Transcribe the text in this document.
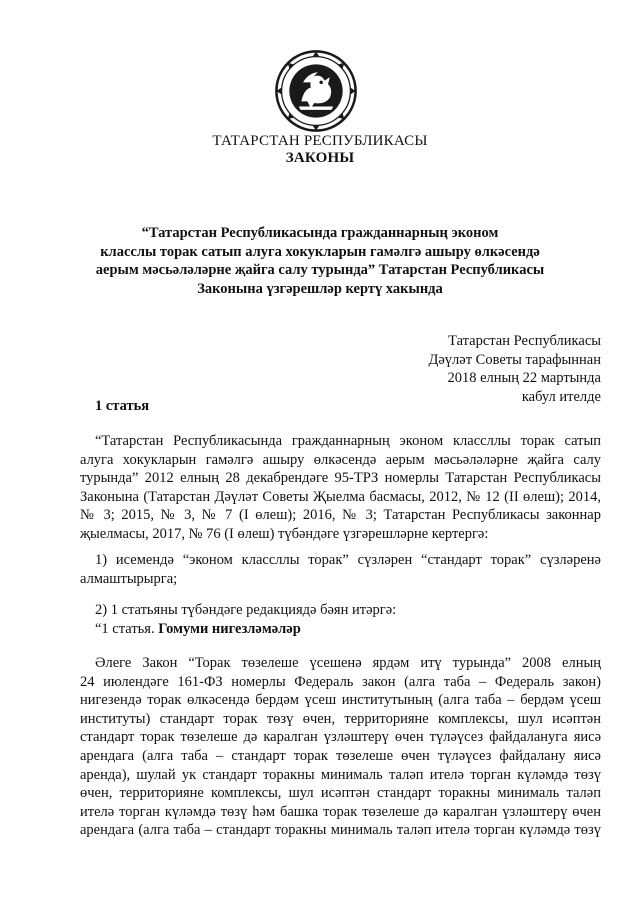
ТАТАРСТАН РЕСПУБЛИКАСЫ
ЗАКОНЫ
“Татарстан Республикасында гражданнарның эконом
класслы торак сатып алуга хокукларын гамәлгә ашыру өлкәсендә
аерым мәсьәләләрне җайга салу турында” Татарстан Республикасы
Законына үзгәрешләр кертү хакында
Татарстан Республикасы
Дәүләт Советы тарафыннан
2018 елның 22 мартында
кабул ителде
1 статья
“Татарстан Республикасында гражданнарның эконом классллы торак сатып
алуга хокукларын гамәлгә ашыру өлкәсендә аерым мәсьәләләрне җайга салу
турында” 2012 елның 28 декабрендәге 95-ТРЗ номерлы Татарстан Республикасы
Законына (Татарстан Дәүләт Советы Җыелма басмасы, 2012, № 12 (II өлеш); 2014,
№ 3; 2015, № 3, № 7 (I өлеш); 2016, № 3; Татарстан Республикасы законнар
җыелмасы, 2017, № 76 (I өлеш) түбәндәге үзгәрешләрне кертергә:
1) исемендә “эконом классллы торак” сүзләрен “стандарт торак” сүзләренә
алмаштырырга;
2) 1 статьяны түбәндәге редакциядә бәян итәргә:
“1 статья. Гомуми нигезләмәләр
Әлеге Закон “Торак төзелеше үсешенә ярдәм итү турында” 2008 елның
24 июлендәге 161-ФЗ номерлы Федераль закон (алга таба – Федераль закон)
нигезендә торак өлкәсендә бердәм үсеш институтының (алга таба – бердәм үсеш
институты) стандарт торак төзү өчен, территорияне комплексы, шул исәптән
стандарт торак төзелеше дә каралган үзләштерү өчен түләүсез файдалануга яисә
арендага (алга таба – стандарт торак төзелеше өчен түләүсез файдалану яисә
аренда), шулай ук стандарт торакны минималь таләп ителә торган күләмдә төзү
өчен, территорияне комплексы, шул исәптән стандарт торакны минималь таләп
ителә торган күләмдә төзү һәм башка торак төзелеше дә каралган үзләштерү өчен
арендага (алга таба – стандарт торакны минималь таләп ителә торган күләмдә төзү
